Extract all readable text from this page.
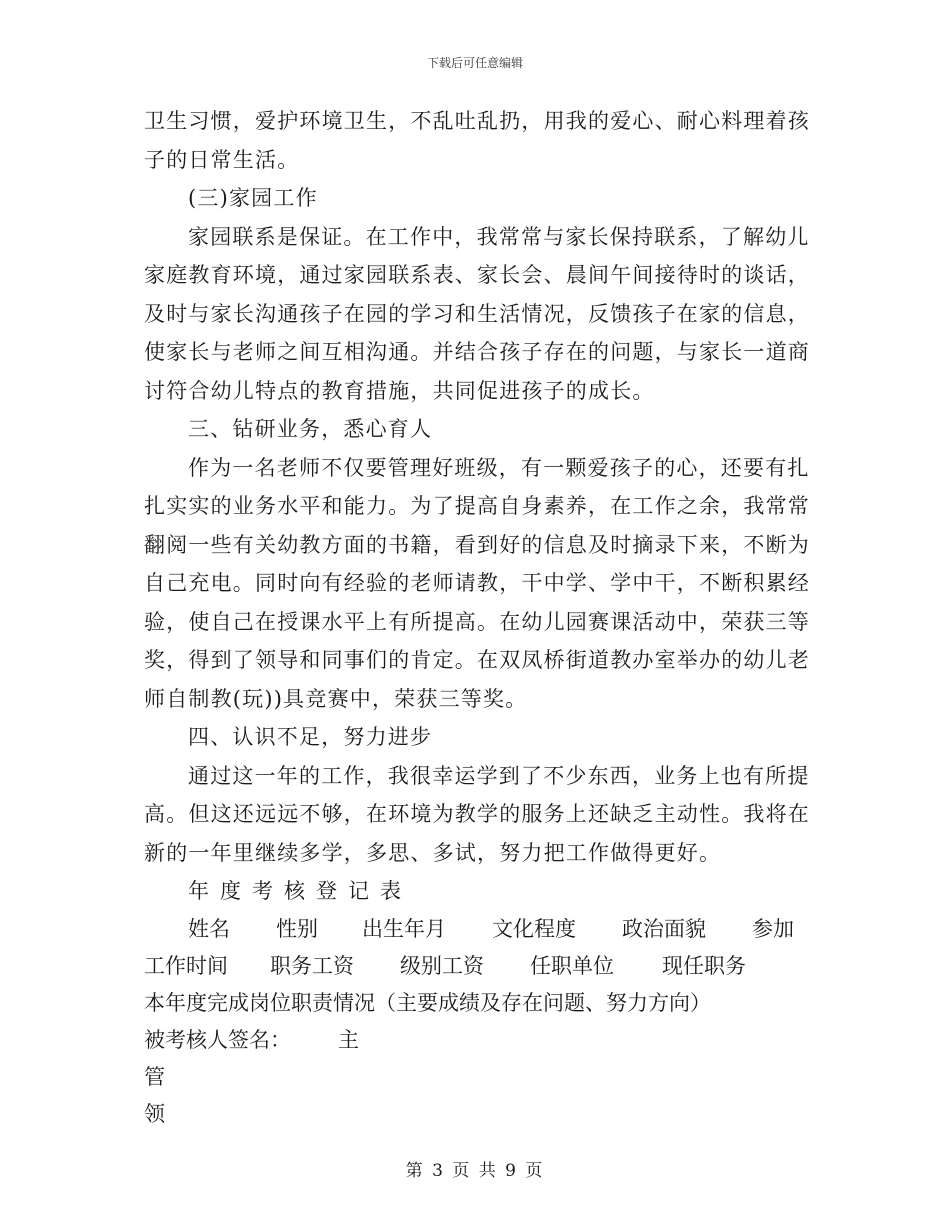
下载后可任意编辑
卫生习惯，爱护环境卫生，不乱吐乱扔，用我的爱心、耐心料理着孩
子的日常生活。
(三)家园工作
家园联系是保证。在工作中，我常常与家长保持联系，了解幼儿
家庭教育环境，通过家园联系表、家长会、晨间午间接待时的谈话，
及时与家长沟通孩子在园的学习和生活情况，反馈孩子在家的信息，
使家长与老师之间互相沟通。并结合孩子存在的问题，与家长一道商
讨符合幼儿特点的教育措施，共同促进孩子的成长。
三、钻研业务，悉心育人
作为一名老师不仅要管理好班级，有一颗爱孩子的心，还要有扎
扎实实的业务水平和能力。为了提高自身素养，在工作之余，我常常
翻阅一些有关幼教方面的书籍，看到好的信息及时摘录下来，不断为
自己充电。同时向有经验的老师请教，干中学、学中干，不断积累经
验，使自己在授课水平上有所提高。在幼儿园赛课活动中，荣获三等
奖，得到了领导和同事们的肯定。在双凤桥街道教办室举办的幼儿老
师自制教(玩))具竞赛中，荣获三等奖。
四、认识不足，努力进步
通过这一年的工作，我很幸运学到了不少东西，业务上也有所提
高。但这还远远不够，在环境为教学的服务上还缺乏主动性。我将在
新的一年里继续多学，多思、多试，努力把工作做得更好。
年度考核登记表
姓名 性别 出生年月 文化程度 政治面貌 参加
工作时间 职务工资 级别工资 任职单位 现任职务
本年度完成岗位职责情况（主要成绩及存在问题、努力方向）
被考核人签名： 主
管
领
第 3 页 共 9 页
